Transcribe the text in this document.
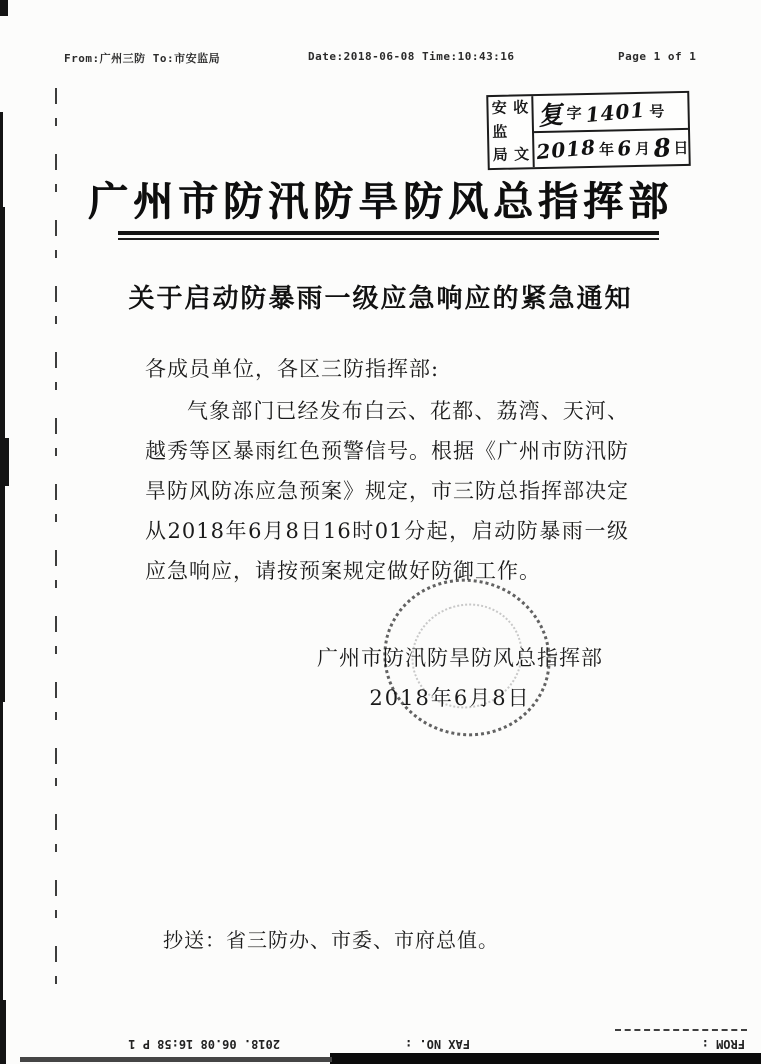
From:广州三防 To:市安监局	Date:2018-06-08 Time:10:43:16	Page 1 of 1
安 收
监
局 文
复 字 1401 号
2018 年 6 月 8 日
广州市防汛防旱防风总指挥部
关于启动防暴雨一级应急响应的紧急通知
各成员单位，各区三防指挥部:
气象部门已经发布白云、花都、荔湾、天河、越秀等区暴雨红色预警信号。根据《广州市防汛防旱防风防冻应急预案》规定，市三防总指挥部决定从2018年6月8日16时01分起，启动防暴雨一级应急响应，请按预案规定做好防御工作。
广州市防汛防旱防风总指挥部
2018年6月8日
抄送：省三防办、市委、市府总值。
2018. 06.08 16:58 P 1	FAX NO. :	FROM :
